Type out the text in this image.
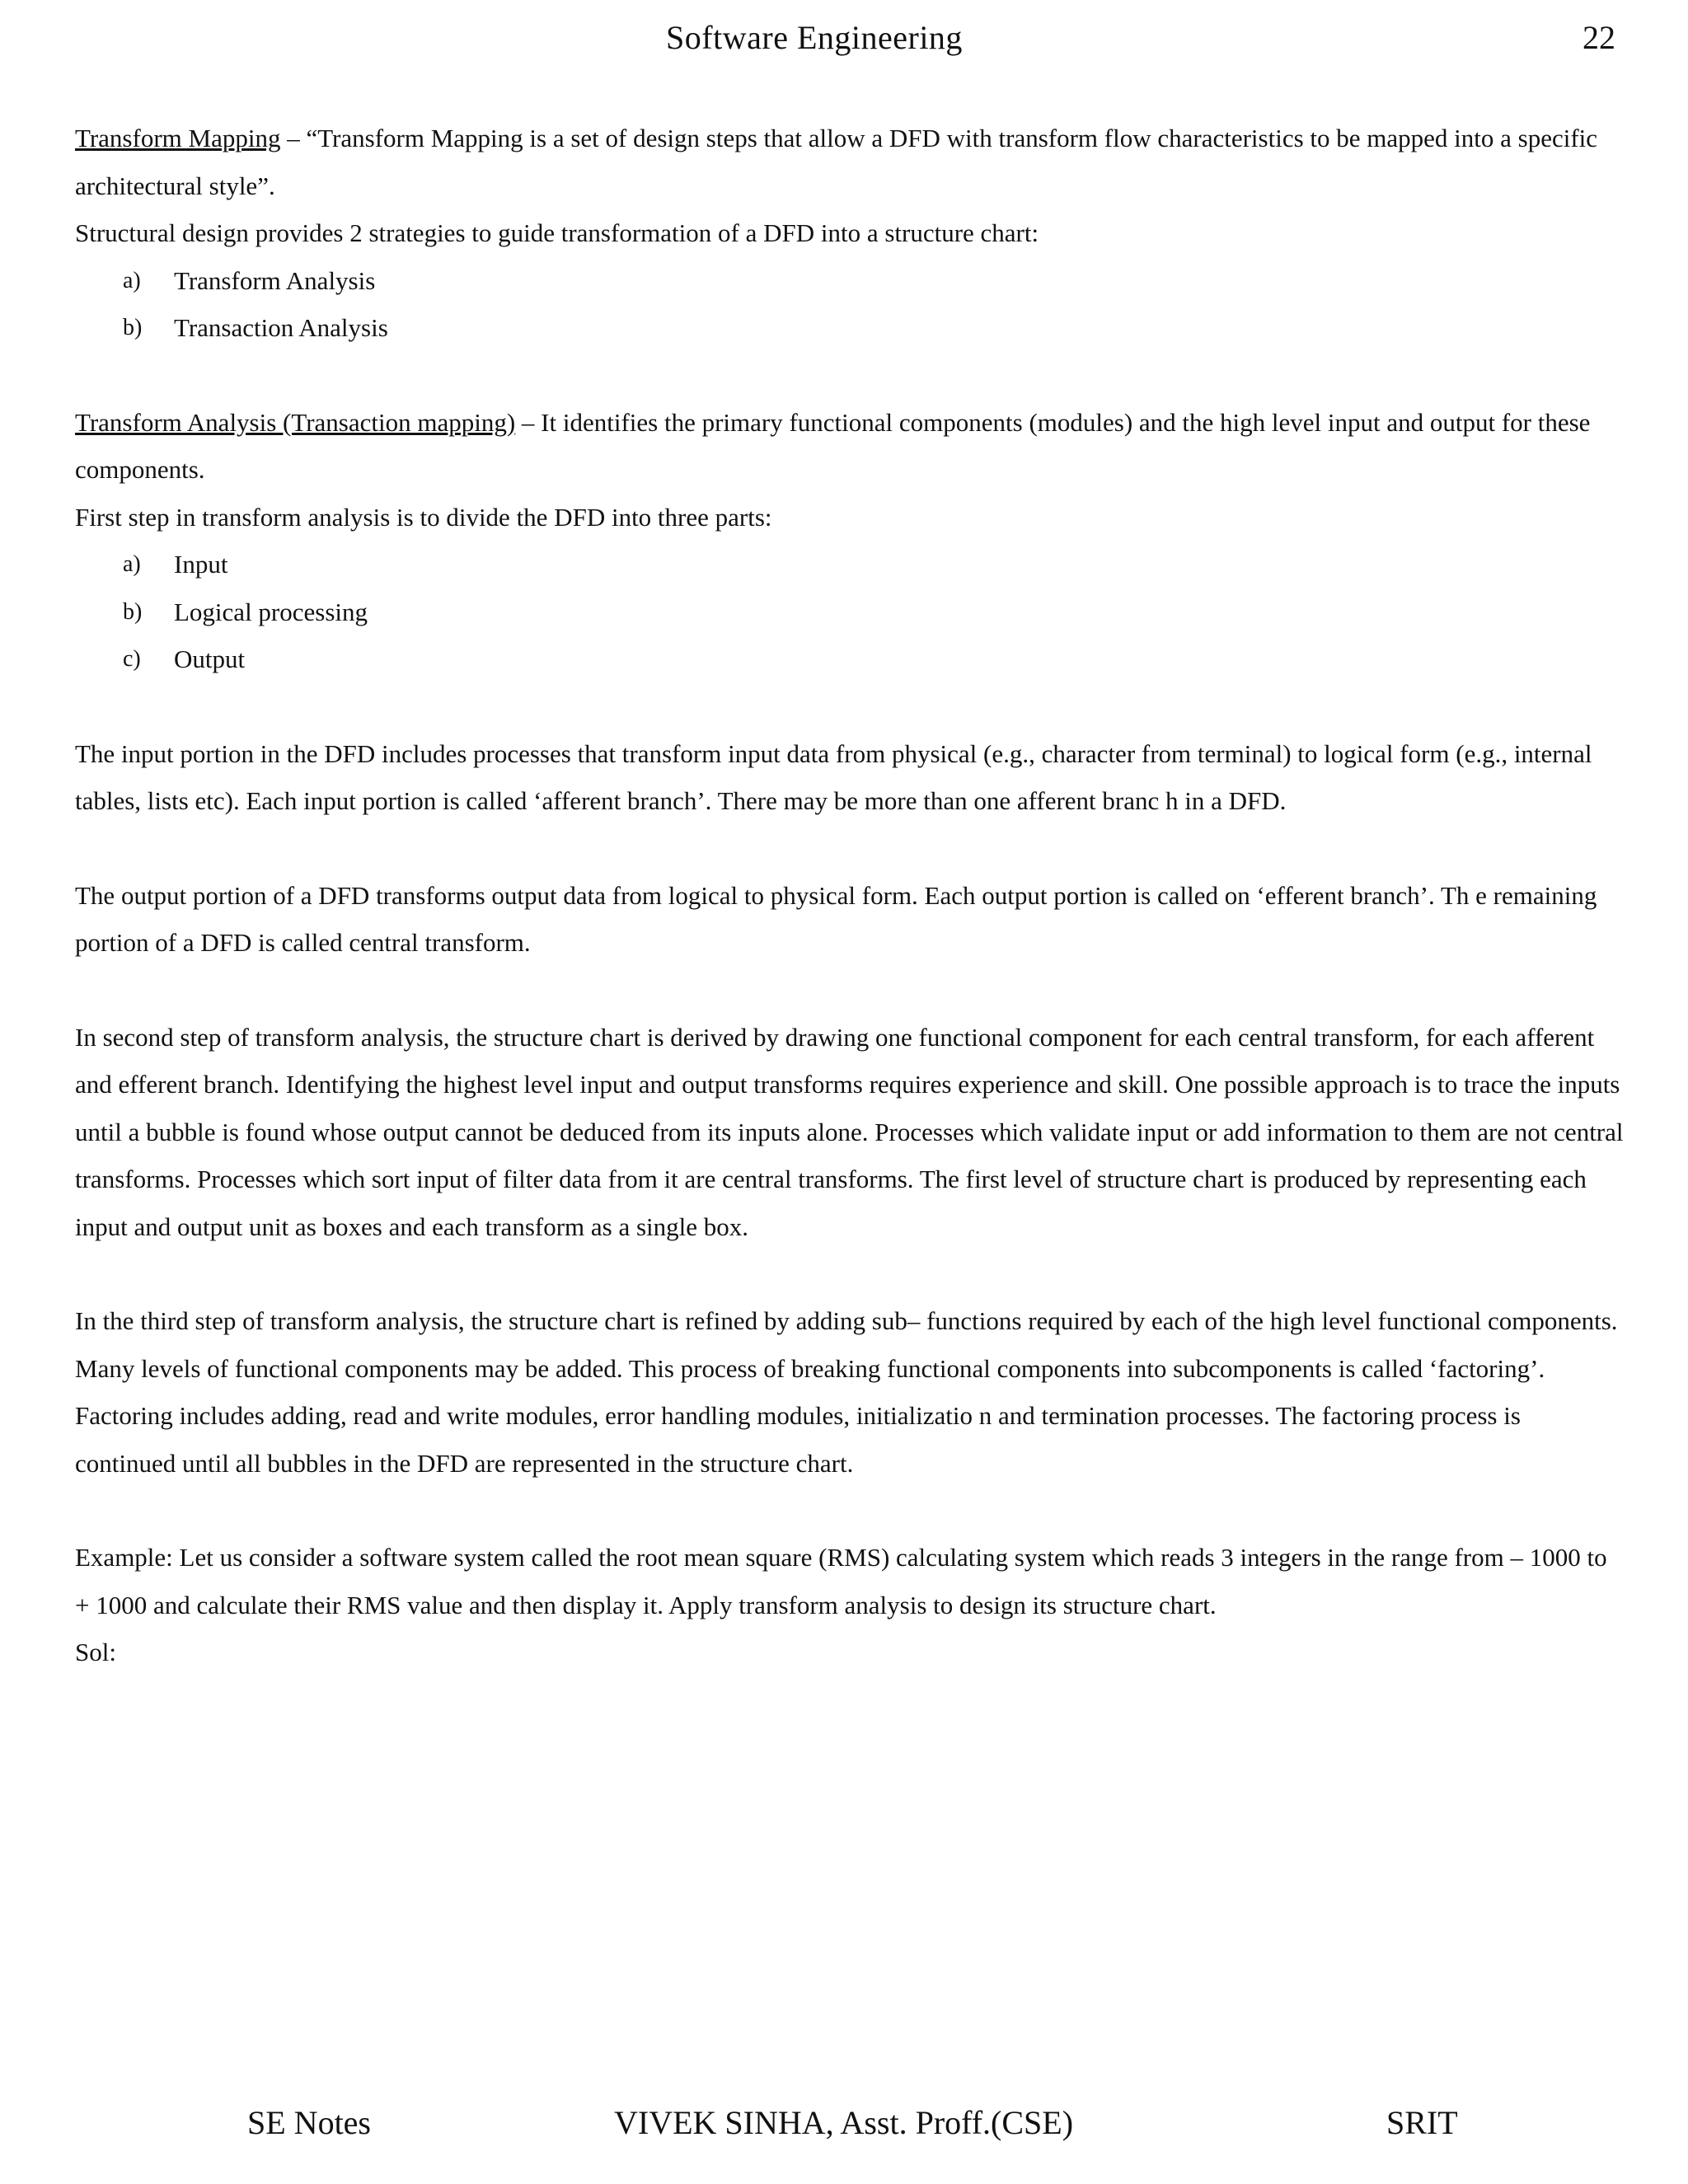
Software Engineering	22

Transform Mapping – “Transform Mapping is a set of design steps that allow a DFD with transform flow characteristics to be mapped into a specific architectural style”.

Structural design provides 2 strategies to guide transformation of a DFD into a structure chart:

a)	Transform Analysis
b)	Transaction Analysis

Transform Analysis (Transaction mapping) – It identifies the primary functional components (modules) and the high level input and output for these components.

First step in transform analysis is to divide the DFD into three parts:

a)	Input
b)	Logical processing
c)	Output

The input portion in the DFD includes processes that transform input data from physical (e.g., character from terminal) to logical form (e.g., internal tables, lists etc). Each input portion is called ‘afferent branch’. There may be more than one afferent branc h in a DFD.

The output portion of a DFD transforms output data from logical to physical form. Each output portion is called on ‘efferent branch’. Th e remaining portion of a DFD is called central transform.

In second step of transform analysis, the structure chart is derived by drawing one functional component for each central transform, for each afferent and efferent branch. Identifying the highest level input and output transforms requires experience and skill. One possible approach is to trace the inputs until a bubble is found whose output cannot be deduced from its inputs alone. Processes which validate input or add information to them are not central transforms. Processes which sort input of filter data from it are central transforms. The first level of structure chart is produced by representing each input and output unit as boxes and each transform as a single box.

In the third step of transform analysis, the structure chart is refined by adding sub– functions required by each of the high level functional components. Many levels of functional components may be added. This process of breaking functional components into subcomponents is called ‘factoring’. Factoring includes adding, read and write modules, error handling modules, initializatio n and termination processes. The factoring process is continued until all bubbles in the DFD are represented in the structure chart.

Example: Let us consider a software system called the root mean square (RMS) calculating system which reads 3 integers in the range from – 1000 to + 1000 and calculate their RMS value and then display it. Apply transform analysis to design its structure chart.

Sol:

SE Notes	VIVEK SINHA, Asst. Proff.(CSE)	SRIT
